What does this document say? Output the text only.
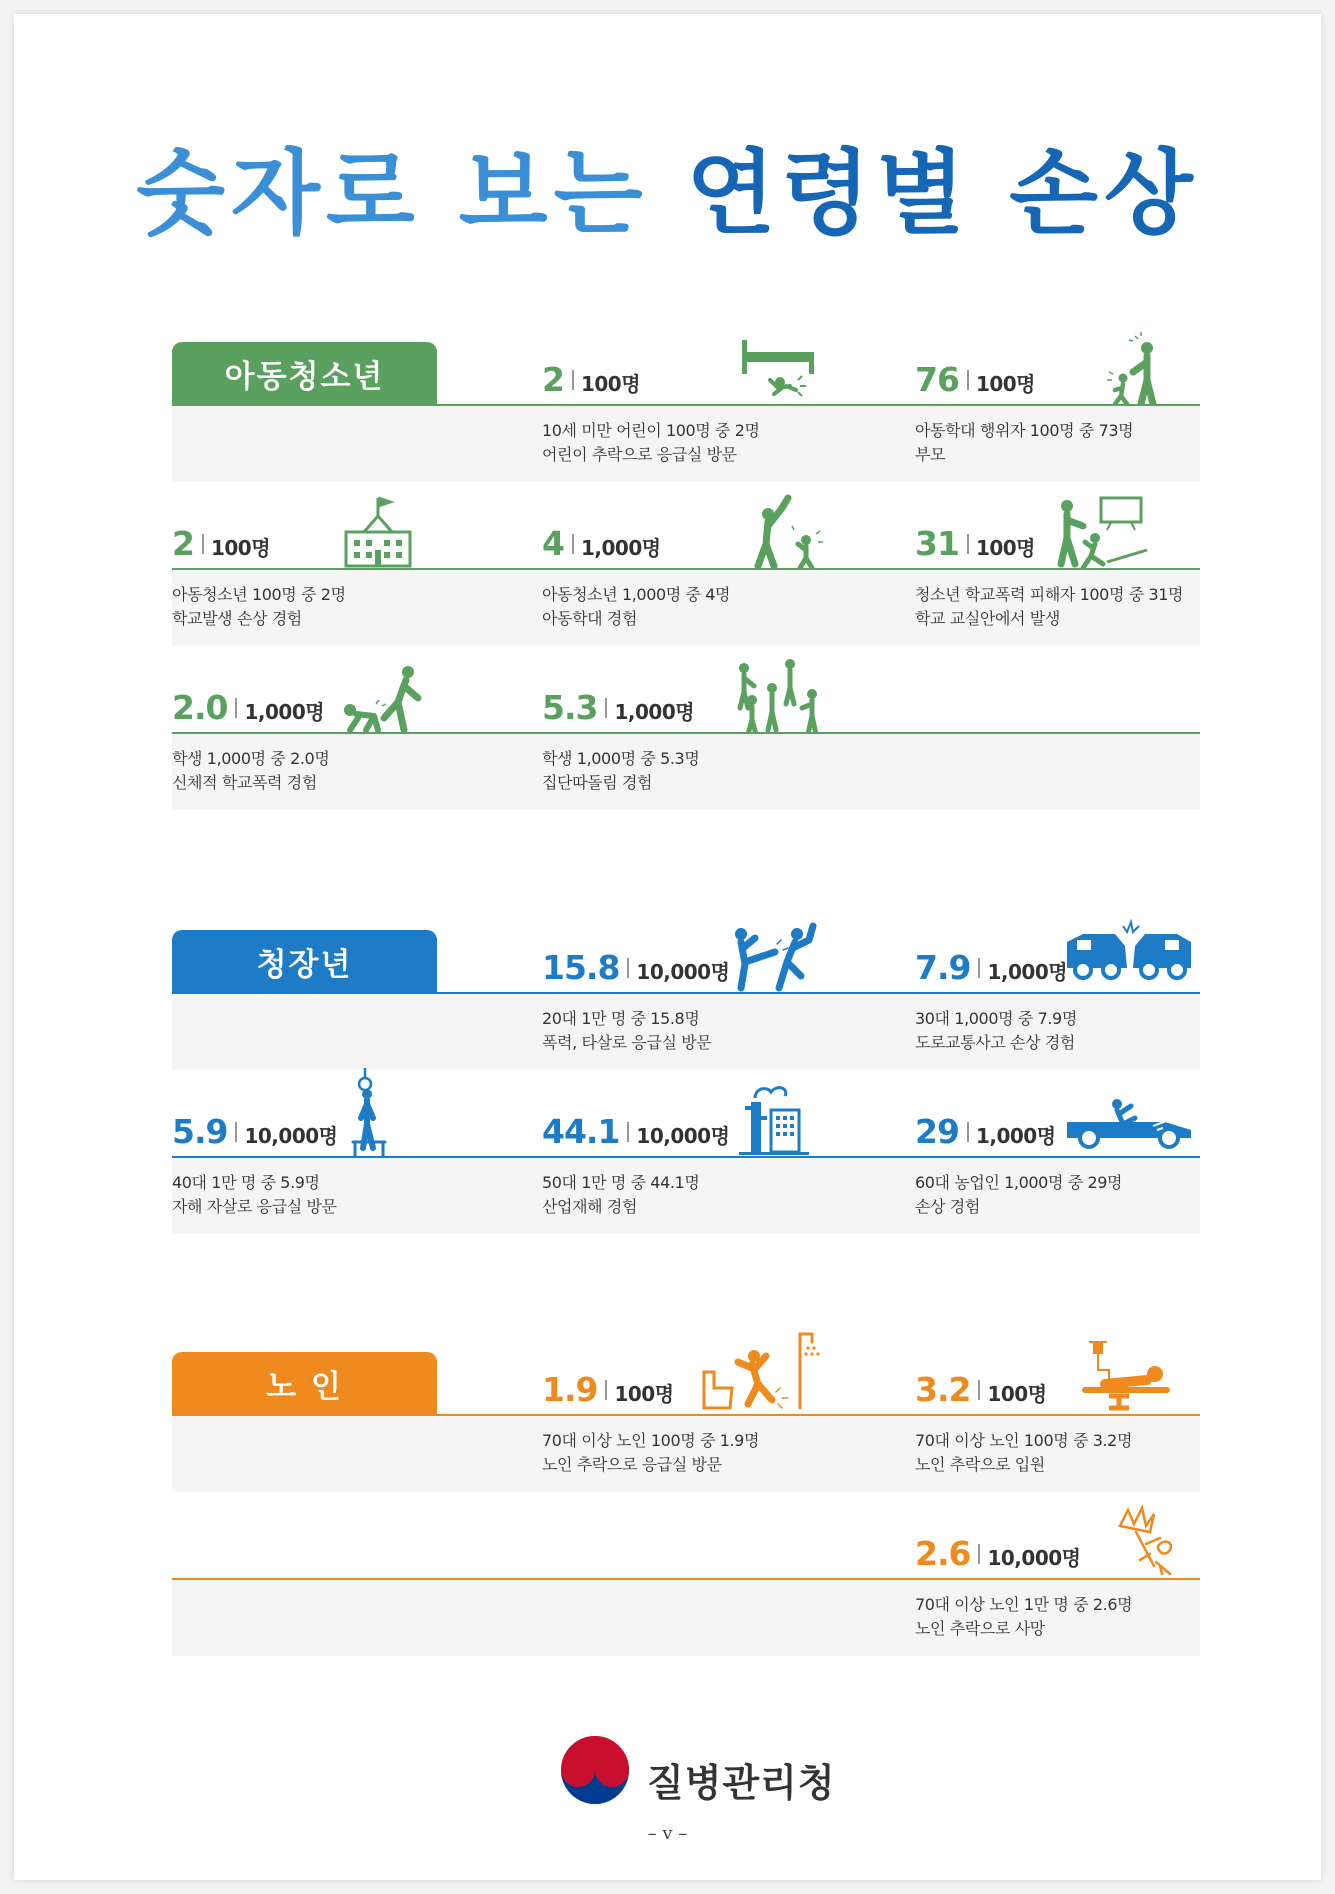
숫자로 보는 연령별 손상
아동청소년	2 100명
10세 미만 어린이 100명 중 2명
어린이 추락으로 응급실 방문
76 100명
아동학대 행위자 100명 중 73명
부모
2 100명
아동청소년 100명 중 2명
학교발생 손상 경험
4 1,000명
아동청소년 1,000명 중 4명
아동학대 경험
31 100명
청소년 학교폭력 피해자 100명 중 31명
학교 교실안에서 발생
2.0 1,000명
학생 1,000명 중 2.0명
신체적 학교폭력 경험
5.3 1,000명
학생 1,000명 중 5.3명
집단따돌림 경험
청장년	15.8 10,000명
20대 1만 명 중 15.8명
폭력, 타살로 응급실 방문
7.9 1,000명
30대 1,000명 중 7.9명
도로교통사고 손상 경험
5.9 10,000명
40대 1만 명 중 5.9명
자해 자살로 응급실 방문
44.1 10,000명
50대 1만 명 중 44.1명
산업재해 경험
29 1,000명
60대 농업인 1,000명 중 29명
손상 경험
노 인	1.9 100명
70대 이상 노인 100명 중 1.9명
노인 추락으로 응급실 방문
3.2 100명
70대 이상 노인 100명 중 3.2명
노인 추락으로 입원
2.6 10,000명
70대 이상 노인 1만 명 중 2.6명
노인 추락으로 사망
질병관리청
– v –
